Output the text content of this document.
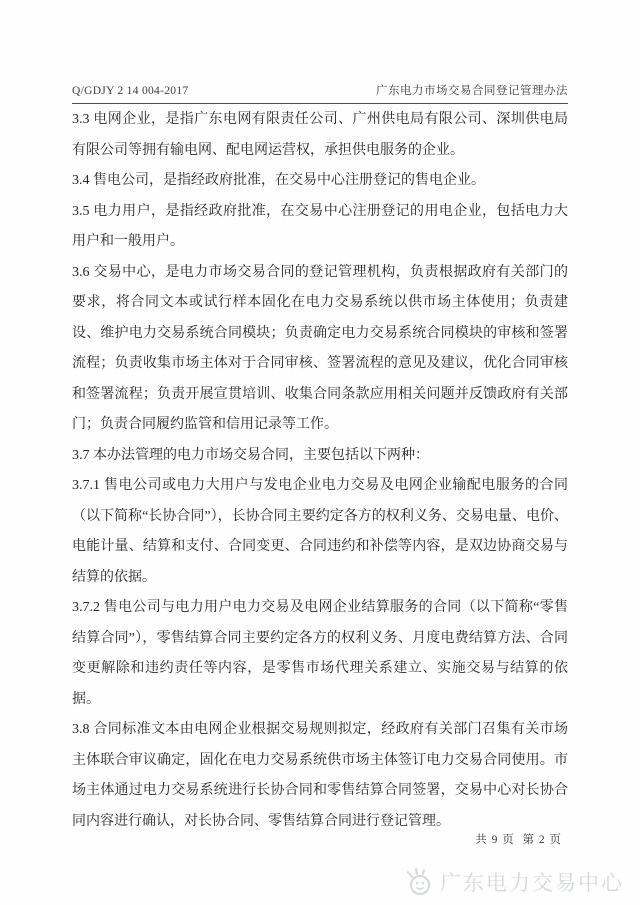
Q/GDJY 2 14 004-2017	广东电力市场交易合同登记管理办法

3.3 电网企业，是指广东电网有限责任公司、广州供电局有限公司、深圳供电局有限公司等拥有输电网、配电网运营权，承担供电服务的企业。

3.4 售电公司，是指经政府批准，在交易中心注册登记的售电企业。

3.5 电力用户，是指经政府批准，在交易中心注册登记的用电企业，包括电力大用户和一般用户。

3.6 交易中心，是电力市场交易合同的登记管理机构，负责根据政府有关部门的要求，将合同文本或试行样本固化在电力交易系统以供市场主体使用；负责建设、维护电力交易系统合同模块；负责确定电力交易系统合同模块的审核和签署流程；负责收集市场主体对于合同审核、签署流程的意见及建议，优化合同审核和签署流程；负责开展宣贯培训、收集合同条款应用相关问题并反馈政府有关部门；负责合同履约监管和信用记录等工作。

3.7 本办法管理的电力市场交易合同，主要包括以下两种：

3.7.1 售电公司或电力大用户与发电企业电力交易及电网企业输配电服务的合同（以下简称“长协合同”），长协合同主要约定各方的权利义务、交易电量、电价、电能计量、结算和支付、合同变更、合同违约和补偿等内容，是双边协商交易与结算的依据。

3.7.2 售电公司与电力用户电力交易及电网企业结算服务的合同（以下简称“零售结算合同”），零售结算合同主要约定各方的权利义务、月度电费结算方法、合同变更解除和违约责任等内容，是零售市场代理关系建立、实施交易与结算的依据。

3.8 合同标准文本由电网企业根据交易规则拟定，经政府有关部门召集有关市场主体联合审议确定，固化在电力交易系统供市场主体签订电力交易合同使用。市场主体通过电力交易系统进行长协合同和零售结算合同签署，交易中心对长协合同内容进行确认，对长协合同、零售结算合同进行登记管理。

共 9 页  第 2 页
广东电力交易中心
